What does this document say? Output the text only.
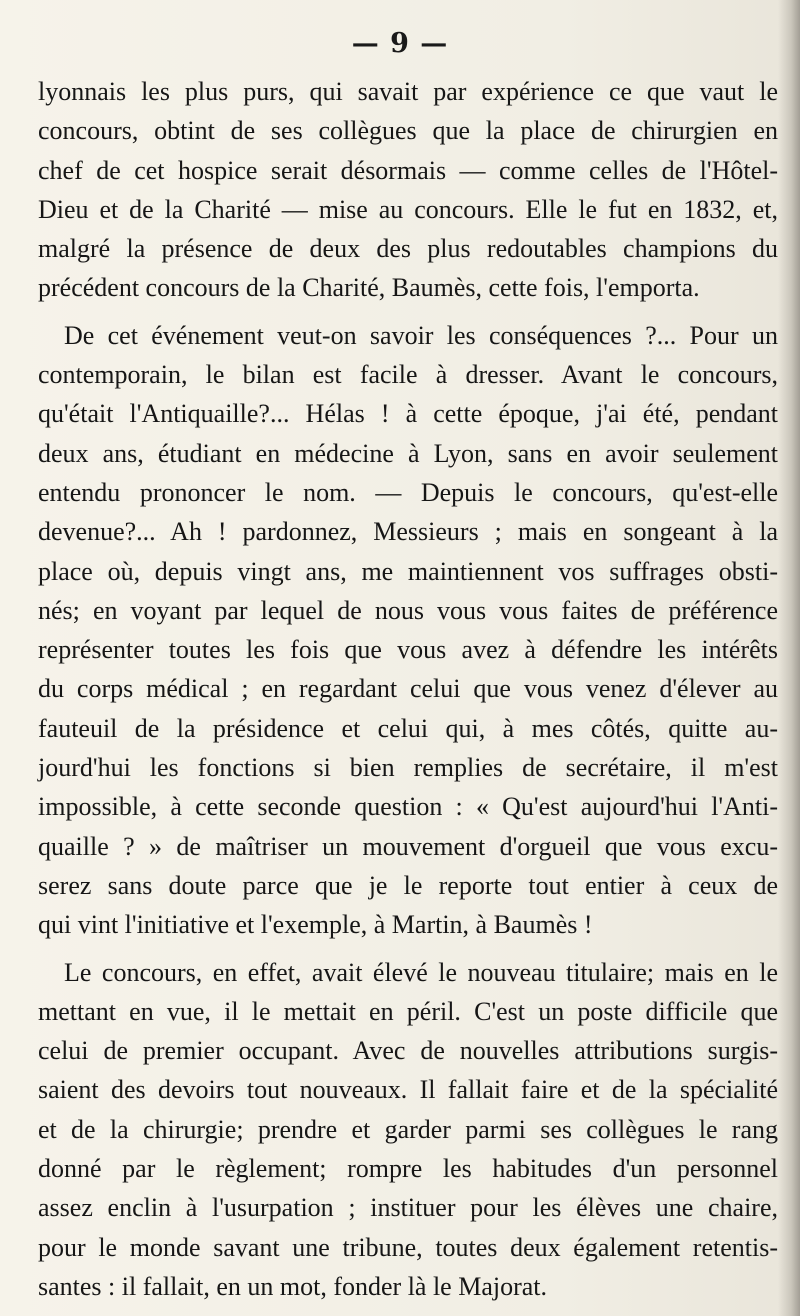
— 9 —
lyonnais les plus purs, qui savait par expérience ce que vaut le
concours, obtint de ses collègues que la place de chirurgien en
chef de cet hospice serait désormais — comme celles de l'Hôtel-
Dieu et de la Charité — mise au concours. Elle le fut en 1832, et,
malgré la présence de deux des plus redoutables champions du
précédent concours de la Charité, Baumès, cette fois, l'emporta.
De cet événement veut-on savoir les conséquences ?... Pour un
contemporain, le bilan est facile à dresser. Avant le concours,
qu'était l'Antiquaille?... Hélas ! à cette époque, j'ai été, pendant
deux ans, étudiant en médecine à Lyon, sans en avoir seulement
entendu prononcer le nom. — Depuis le concours, qu'est-elle
devenue?... Ah ! pardonnez, Messieurs ; mais en songeant à la
place où, depuis vingt ans, me maintiennent vos suffrages obsti-
nés; en voyant par lequel de nous vous vous faites de préférence
représenter toutes les fois que vous avez à défendre les intérêts
du corps médical ; en regardant celui que vous venez d'élever au
fauteuil de la présidence et celui qui, à mes côtés, quitte au-
jourd'hui les fonctions si bien remplies de secrétaire, il m'est
impossible, à cette seconde question : « Qu'est aujourd'hui l'Anti-
quaille ? » de maîtriser un mouvement d'orgueil que vous excu-
serez sans doute parce que je le reporte tout entier à ceux de
qui vint l'initiative et l'exemple, à Martin, à Baumès !
Le concours, en effet, avait élevé le nouveau titulaire; mais en le
mettant en vue, il le mettait en péril. C'est un poste difficile que
celui de premier occupant. Avec de nouvelles attributions surgis-
saient des devoirs tout nouveaux. Il fallait faire et de la spécialité
et de la chirurgie; prendre et garder parmi ses collègues le rang
donné par le règlement; rompre les habitudes d'un personnel
assez enclin à l'usurpation ; instituer pour les élèves une chaire,
pour le monde savant une tribune, toutes deux également retentis-
santes : il fallait, en un mot, fonder là le Majorat.
